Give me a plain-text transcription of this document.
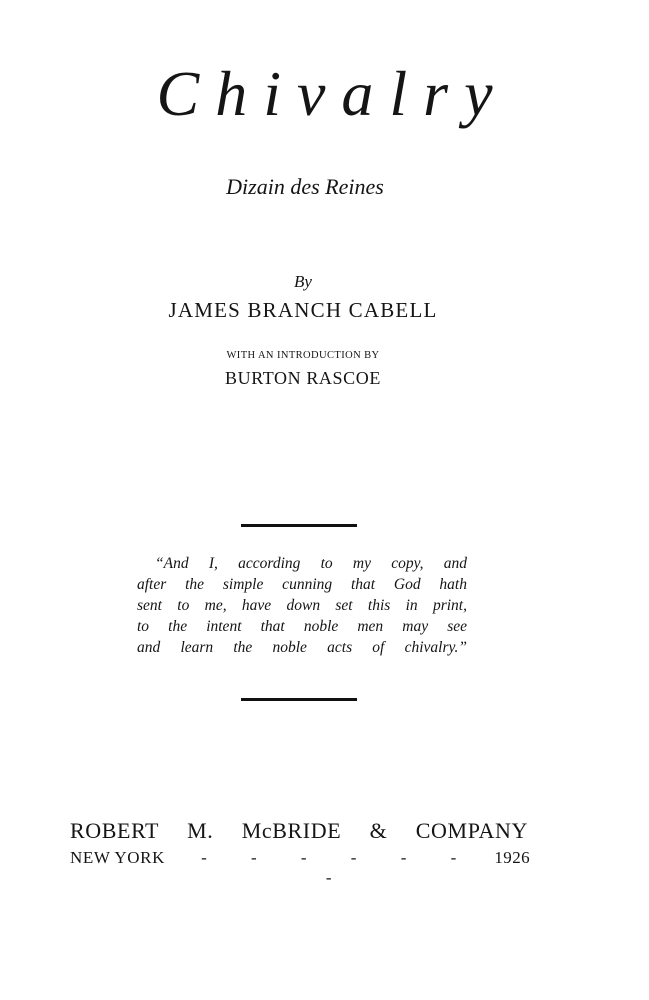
Chivalry
Dizain des Reines
By
JAMES BRANCH CABELL
WITH AN INTRODUCTION BY
BURTON RASCOE
“And I, according to my copy, and
after the simple cunning that God hath
sent to me, have down set this in print,
to the intent that noble men may see
and learn the noble acts of chivalry.”
ROBERT M. McBRIDE & COMPANY
NEW YORK	- - - - - - -
1926
